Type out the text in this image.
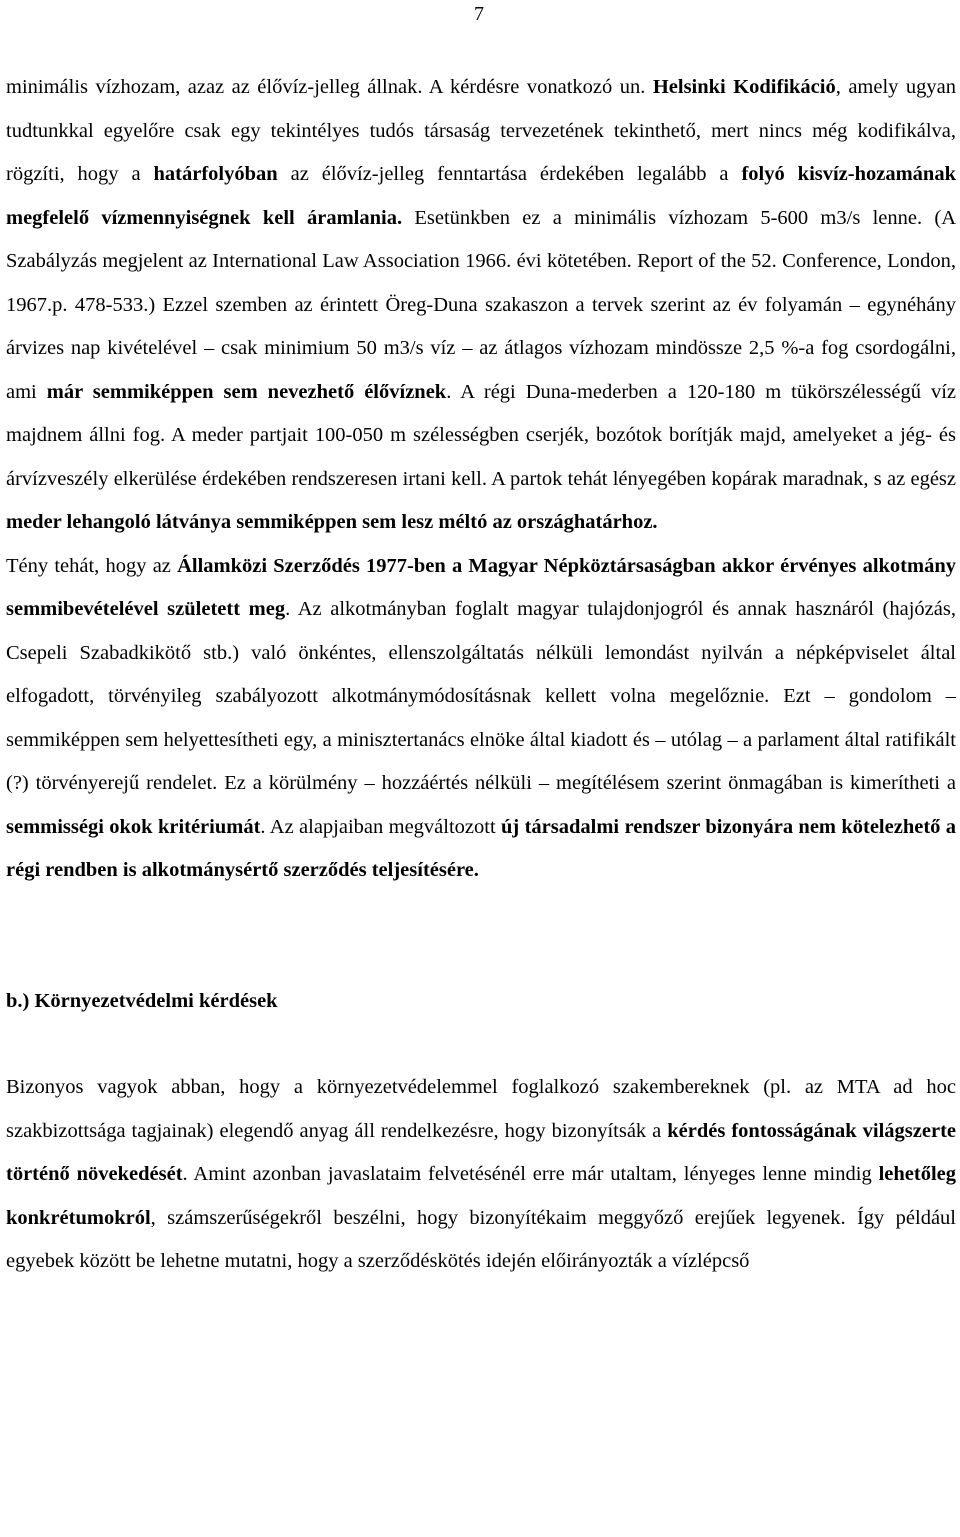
7

minimális vízhozam, azaz az élővíz-jelleg állnak. A kérdésre vonatkozó un. Helsinki Kodifikáció, amely ugyan tudtunkkal egyelőre csak egy tekintélyes tudós társaság tervezetének tekinthető, mert nincs még kodifikálva, rögzíti, hogy a határfolyóban az élővíz-jelleg fenntartása érdekében legalább a folyó kisvíz-hozamának megfelelő vízmennyiségnek kell áramlania. Esetünkben ez a minimális vízhozam 5-600 m3/s lenne. (A Szabályzás megjelent az International Law Association 1966. évi kötetében. Report of the 52. Conference, London, 1967.p. 478-533.) Ezzel szemben az érintett Öreg-Duna szakaszon a tervek szerint az év folyamán – egynéhány árvizes nap kivételével – csak minimium 50 m3/s víz – az átlagos vízhozam mindössze 2,5 %-a fog csordogálni, ami már semmiképpen sem nevezhető élővíznek. A régi Duna-mederben a 120-180 m tükörszélességű víz majdnem állni fog. A meder partjait 100-050 m szélességben cserjék, bozótok borítják majd, amelyeket a jég- és árvízveszély elkerülése érdekében rendszeresen irtani kell. A partok tehát lényegében kopárak maradnak, s az egész meder lehangoló látványa semmiképpen sem lesz méltó az országhatárhoz.

Tény tehát, hogy az Államközi Szerződés 1977-ben a Magyar Népköztársaságban akkor érvényes alkotmány semmibevételével született meg. Az alkotmányban foglalt magyar tulajdonjogról és annak hasznáról (hajózás, Csepeli Szabadkikötő stb.) való önkéntes, ellenszolgáltatás nélküli lemondást nyilván a népképviselet által elfogadott, törvényileg szabályozott alkotmánymódosításnak kellett volna megelőznie. Ezt – gondolom – semmiképpen sem helyettesítheti egy, a minisztertanács elnöke által kiadott és – utólag – a parlament által ratifikált (?) törvényerejű rendelet. Ez a körülmény – hozzáértés nélküli – megítélésem szerint önmagában is kimerítheti a semmisségi okok kritériumát. Az alapjaiban megváltozott új társadalmi rendszer bizonyára nem kötelezhető a régi rendben is alkotmánysértő szerződés teljesítésére.

b.) Környezetvédelmi kérdések

Bizonyos vagyok abban, hogy a környezetvédelemmel foglalkozó szakembereknek (pl. az MTA ad hoc szakbizottsága tagjainak) elegendő anyag áll rendelkezésre, hogy bizonyítsák a kérdés fontosságának világszerte történő növekedését. Amint azonban javaslataim felvetésénél erre már utaltam, lényeges lenne mindig lehetőleg konkrétumokról, számszerűségekről beszélni, hogy bizonyítékaim meggyőző erejűek legyenek. Így például egyebek között be lehetne mutatni, hogy a szerződéskötés idején előirányozták a vízlépcső
